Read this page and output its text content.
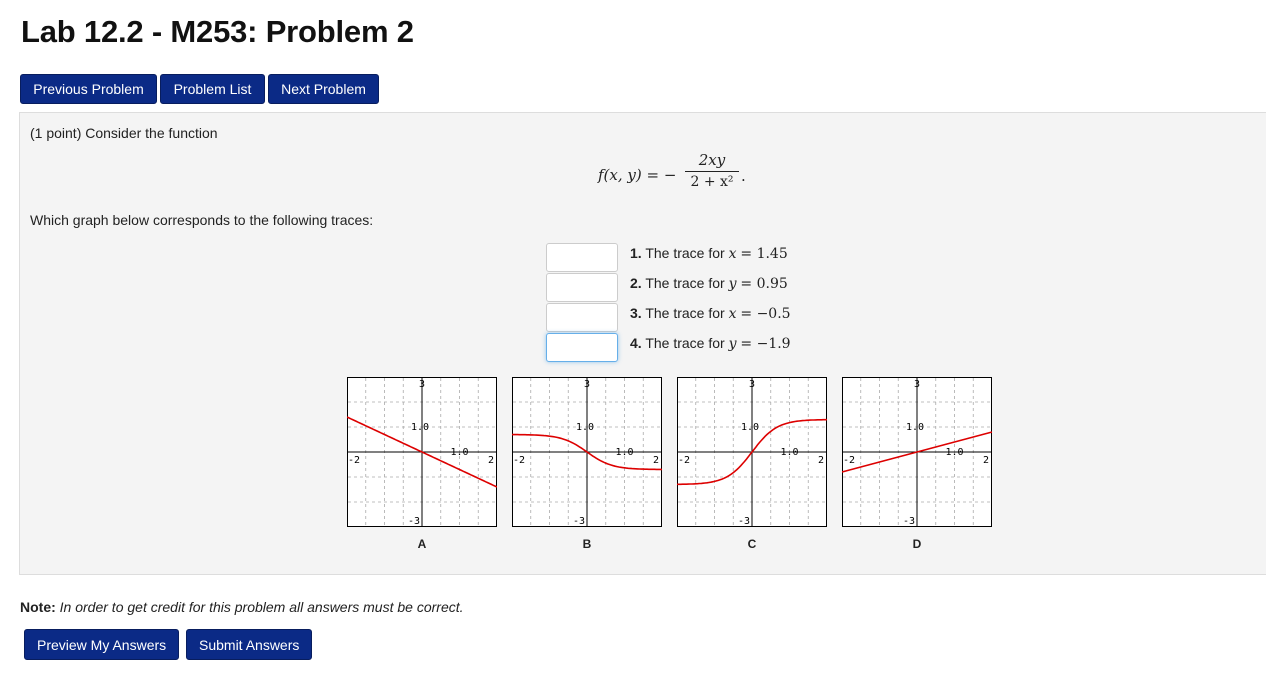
Lab 12.2 - M253: Problem 2
Previous Problem	Problem List	Next Problem
(1 point) Consider the function
f(x, y) = − $\frac{2xy}{\text{2 + x²}}$ .
Which graph below corresponds to the following traces:
1. The trace for x = 1.45
2. The trace for y = 0.95
3. The trace for x = −0.5
4. The trace for y = −1.9
3
-3
-2	2
1.0
1.0
3
-3
-2	2
1.0
1.0
3
-3
-2	2
1.0
1.0
3
-3
-2	2
1.0
1.0
A	B	C	D
Note: In order to get credit for this problem all answers must be correct.
Preview My Answers	Submit Answers
